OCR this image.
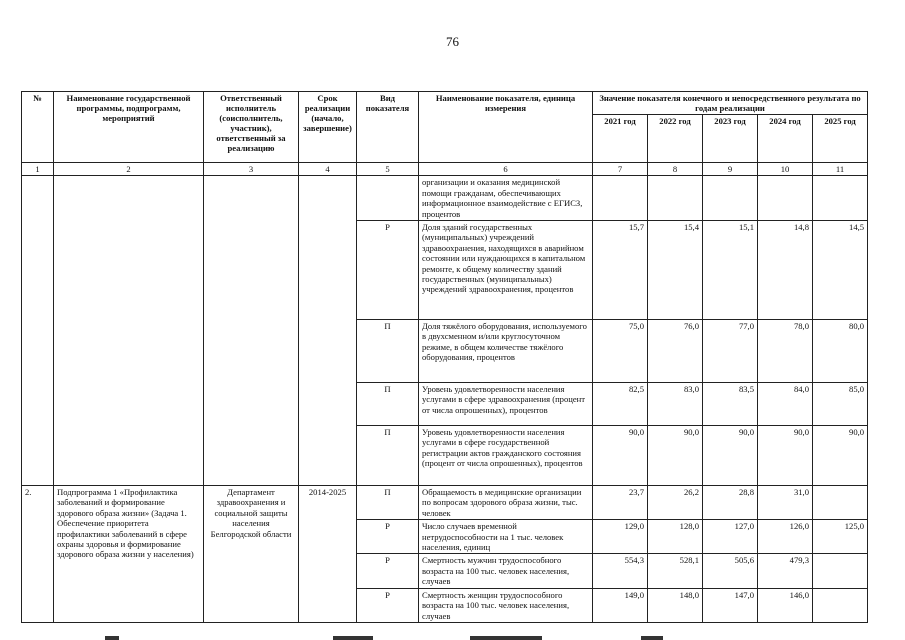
76
№	Наименование государственной программы, подпрограмм, мероприятий	Ответственный исполнитель (соисполнитель, участник), ответственный за реализацию	Срок реализации (начало, завершение)	Вид показателя	Наименование показателя, единица измерения	Значение показателя конечного и непосредственного результата по годам реализации				
						2021 год	2022 год	2023 год	2024 год	2025 год
1	2	3	4	5	6	7	8	9	10	11
					организации и оказания медицинской помощи гражданам, обеспечивающих информационное взаимодействие с ЕГИСЗ, процентов					
				Р	Доля зданий государственных (муниципальных) учреждений здравоохранения, находящихся в аварийном состоянии или нуждающихся в капитальном ремонте, к общему количеству зданий государственных (муниципальных) учреждений здравоохранения, процентов	15,7	15,4	15,1	14,8	14,5
				П	Доля тяжёлого оборудования, используемого в двухсменном и/или круглосуточном режиме, в общем количестве тяжёлого оборудования, процентов	75,0	76,0	77,0	78,0	80,0
				П	Уровень удовлетворенности населения услугами в сфере здравоохранения (процент от числа опрошенных), процентов	82,5	83,0	83,5	84,0	85,0
				П	Уровень удовлетворенности населения услугами в сфере государственной регистрации актов гражданского состояния (процент от числа опрошенных), процентов	90,0	90,0	90,0	90,0	90,0
2.	Подпрограмма 1 «Профилактика заболеваний и формирование здорового образа жизни» (Задача 1. Обеспечение приоритета профилактики заболеваний в сфере охраны здоровья и формирование здорового образа жизни у населения)	Департамент здравоохранения и социальной защиты населения Белгородской области	2014-2025	П	Обращаемость в медицинские организации по вопросам здорового образа жизни, тыс. человек	23,7	26,2	28,8	31,0	
				Р	Число случаев временной нетрудоспособности на 1 тыс. человек населения, единиц	129,0	128,0	127,0	126,0	125,0
				Р	Смертность мужчин трудоспособного возраста на 100 тыс. человек населения, случаев	554,3	528,1	505,6	479,3	
				Р	Смертность женщин трудоспособного возраста на 100 тыс. человек населения, случаев	149,0	148,0	147,0	146,0	
